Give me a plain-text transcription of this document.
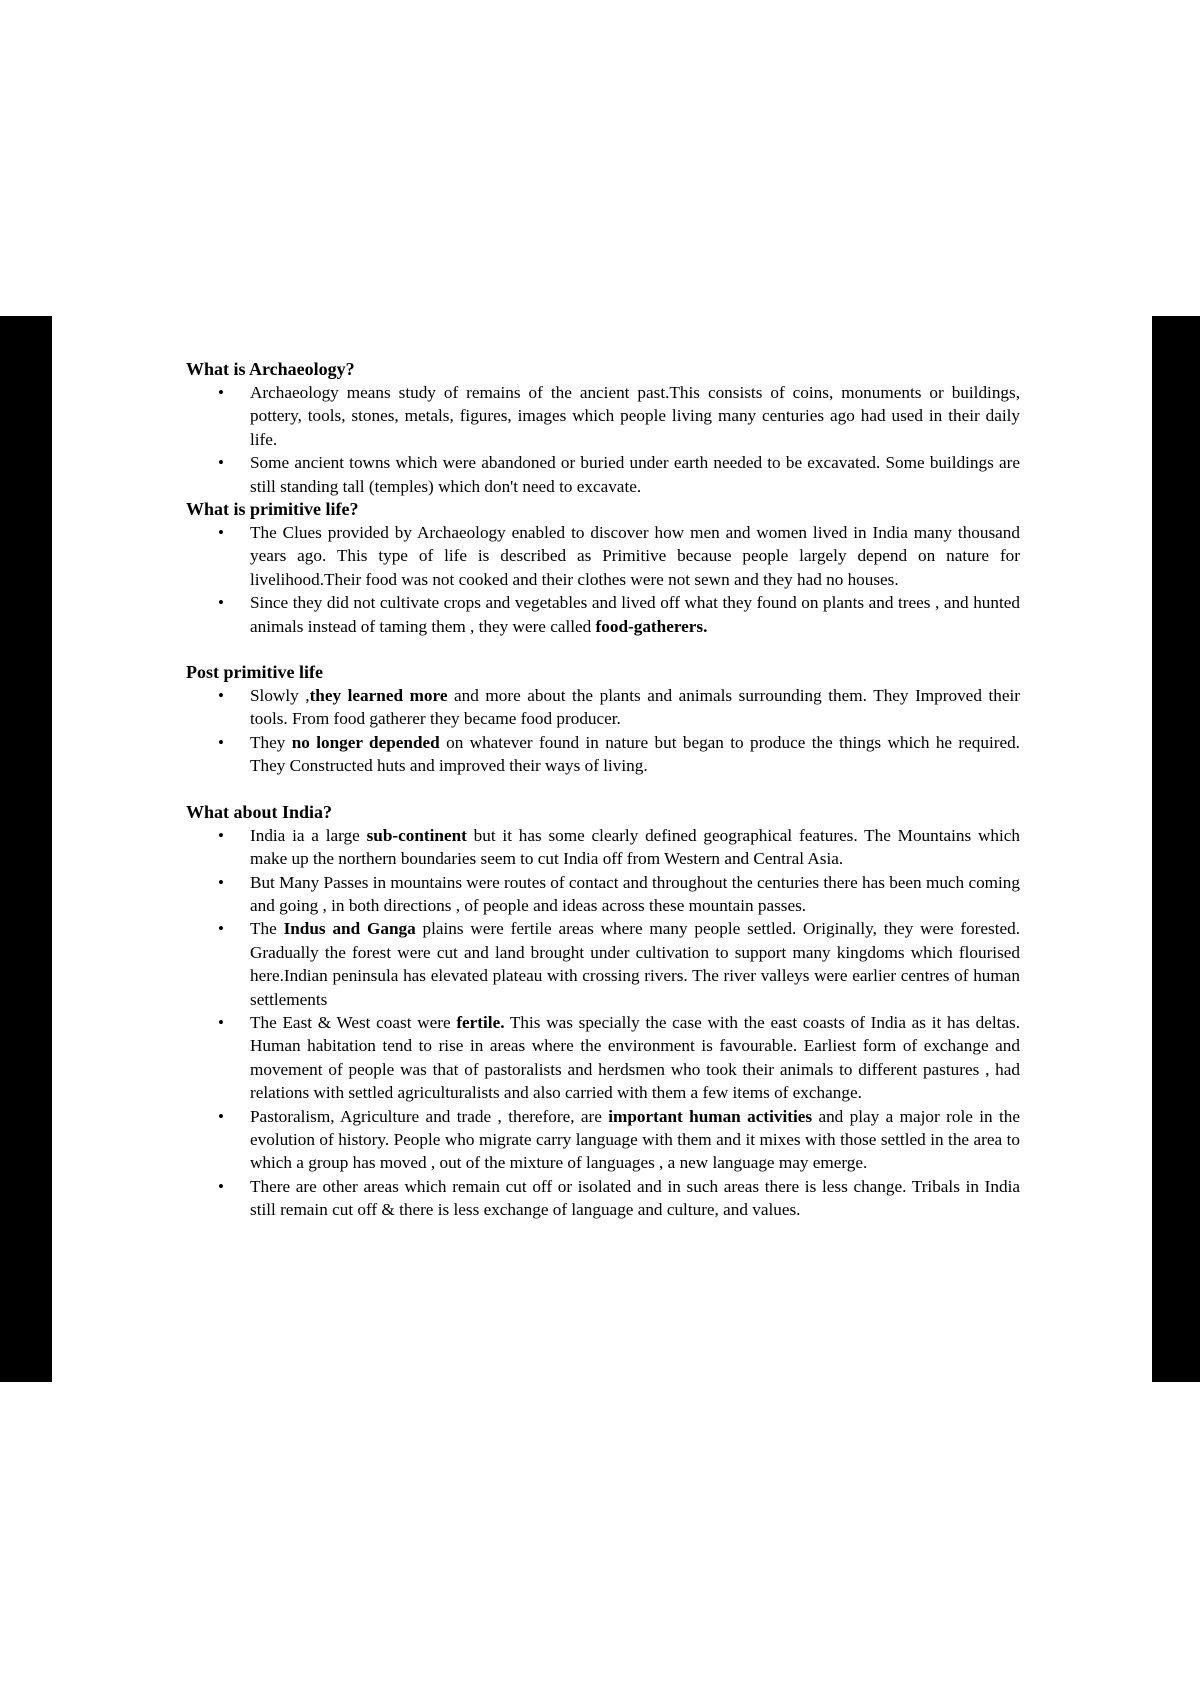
What is Archaeology?
• Archaeology means study of remains of the ancient past.This consists of coins, monuments or buildings, pottery, tools, stones, metals, figures, images which people living many centuries ago had used in their daily life.
• Some ancient towns which were abandoned or buried under earth needed to be excavated. Some buildings are still standing tall (temples) which don't need to excavate.
What is primitive life?
• The Clues provided by Archaeology enabled to discover how men and women lived in India many thousand years ago. This type of life is described as Primitive because people largely depend on nature for livelihood.Their food was not cooked and their clothes were not sewn and they had no houses.
• Since they did not cultivate crops and vegetables and lived off what they found on plants and trees , and hunted animals instead of taming them , they were called food-gatherers.
Post primitive life
• Slowly ,they learned more and more about the plants and animals surrounding them. They Improved their tools. From food gatherer they became food producer.
• They no longer depended on whatever found in nature but began to produce the things which he required. They Constructed huts and improved their ways of living.
What about India?
• India ia a large sub-continent but it has some clearly defined geographical features. The Mountains which make up the northern boundaries seem to cut India off from Western and Central Asia.
• But Many Passes in mountains were routes of contact and throughout the centuries there has been much coming and going , in both directions , of people and ideas across these mountain passes.
• The Indus and Ganga plains were fertile areas where many people settled. Originally, they were forested. Gradually the forest were cut and land brought under cultivation to support many kingdoms which flourised here.Indian peninsula has elevated plateau with crossing rivers. The river valleys were earlier centres of human settlements
• The East & West coast were fertile. This was specially the case with the east coasts of India as it has deltas. Human habitation tend to rise in areas where the environment is favourable. Earliest form of exchange and movement of people was that of pastoralists and herdsmen who took their animals to different pastures , had relations with settled agriculturalists and also carried with them a few items of exchange.
• Pastoralism, Agriculture and trade , therefore, are important human activities and play a major role in the evolution of history. People who migrate carry language with them and it mixes with those settled in the area to which a group has moved , out of the mixture of languages , a new language may emerge.
• There are other areas which remain cut off or isolated and in such areas there is less change. Tribals in India still remain cut off & there is less exchange of language and culture, and values.
